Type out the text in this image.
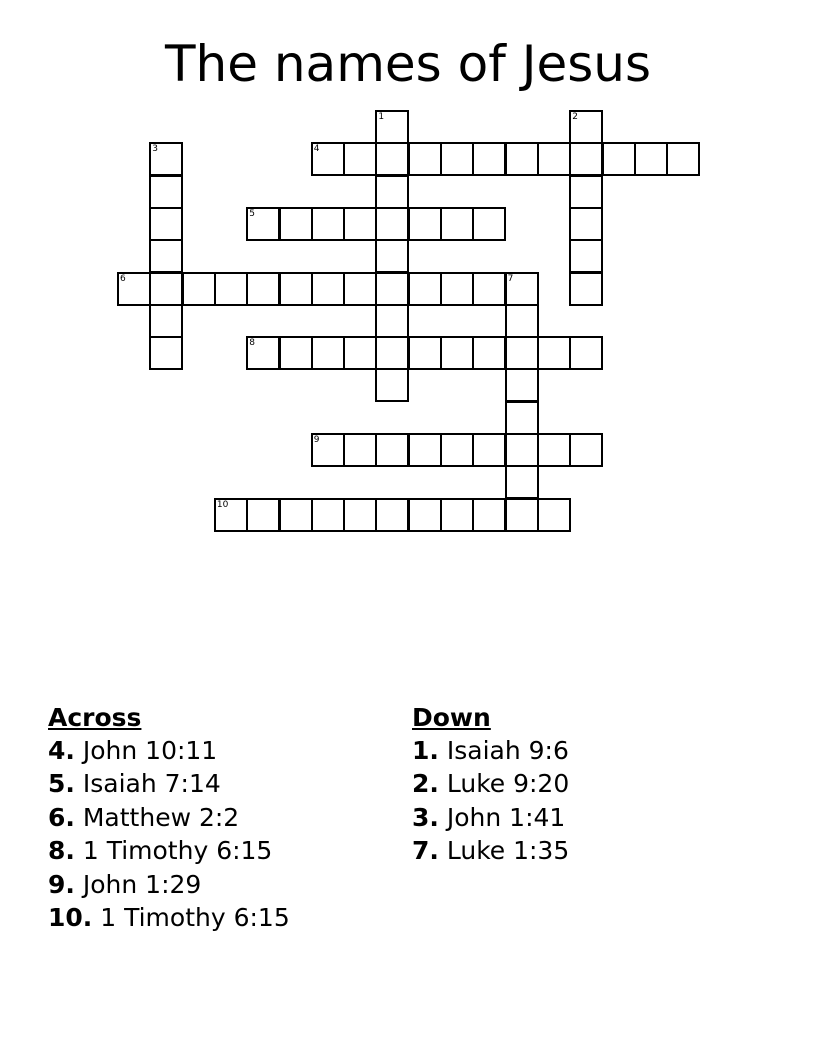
The names of Jesus
1	2
3	4
5
6	7
8
9
10
Across
4. John 10:11
5. Isaiah 7:14
6. Matthew 2:2
8. 1 Timothy 6:15
9. John 1:29
10. 1 Timothy 6:15
Down
1. Isaiah 9:6
2. Luke 9:20
3. John 1:41
7. Luke 1:35
